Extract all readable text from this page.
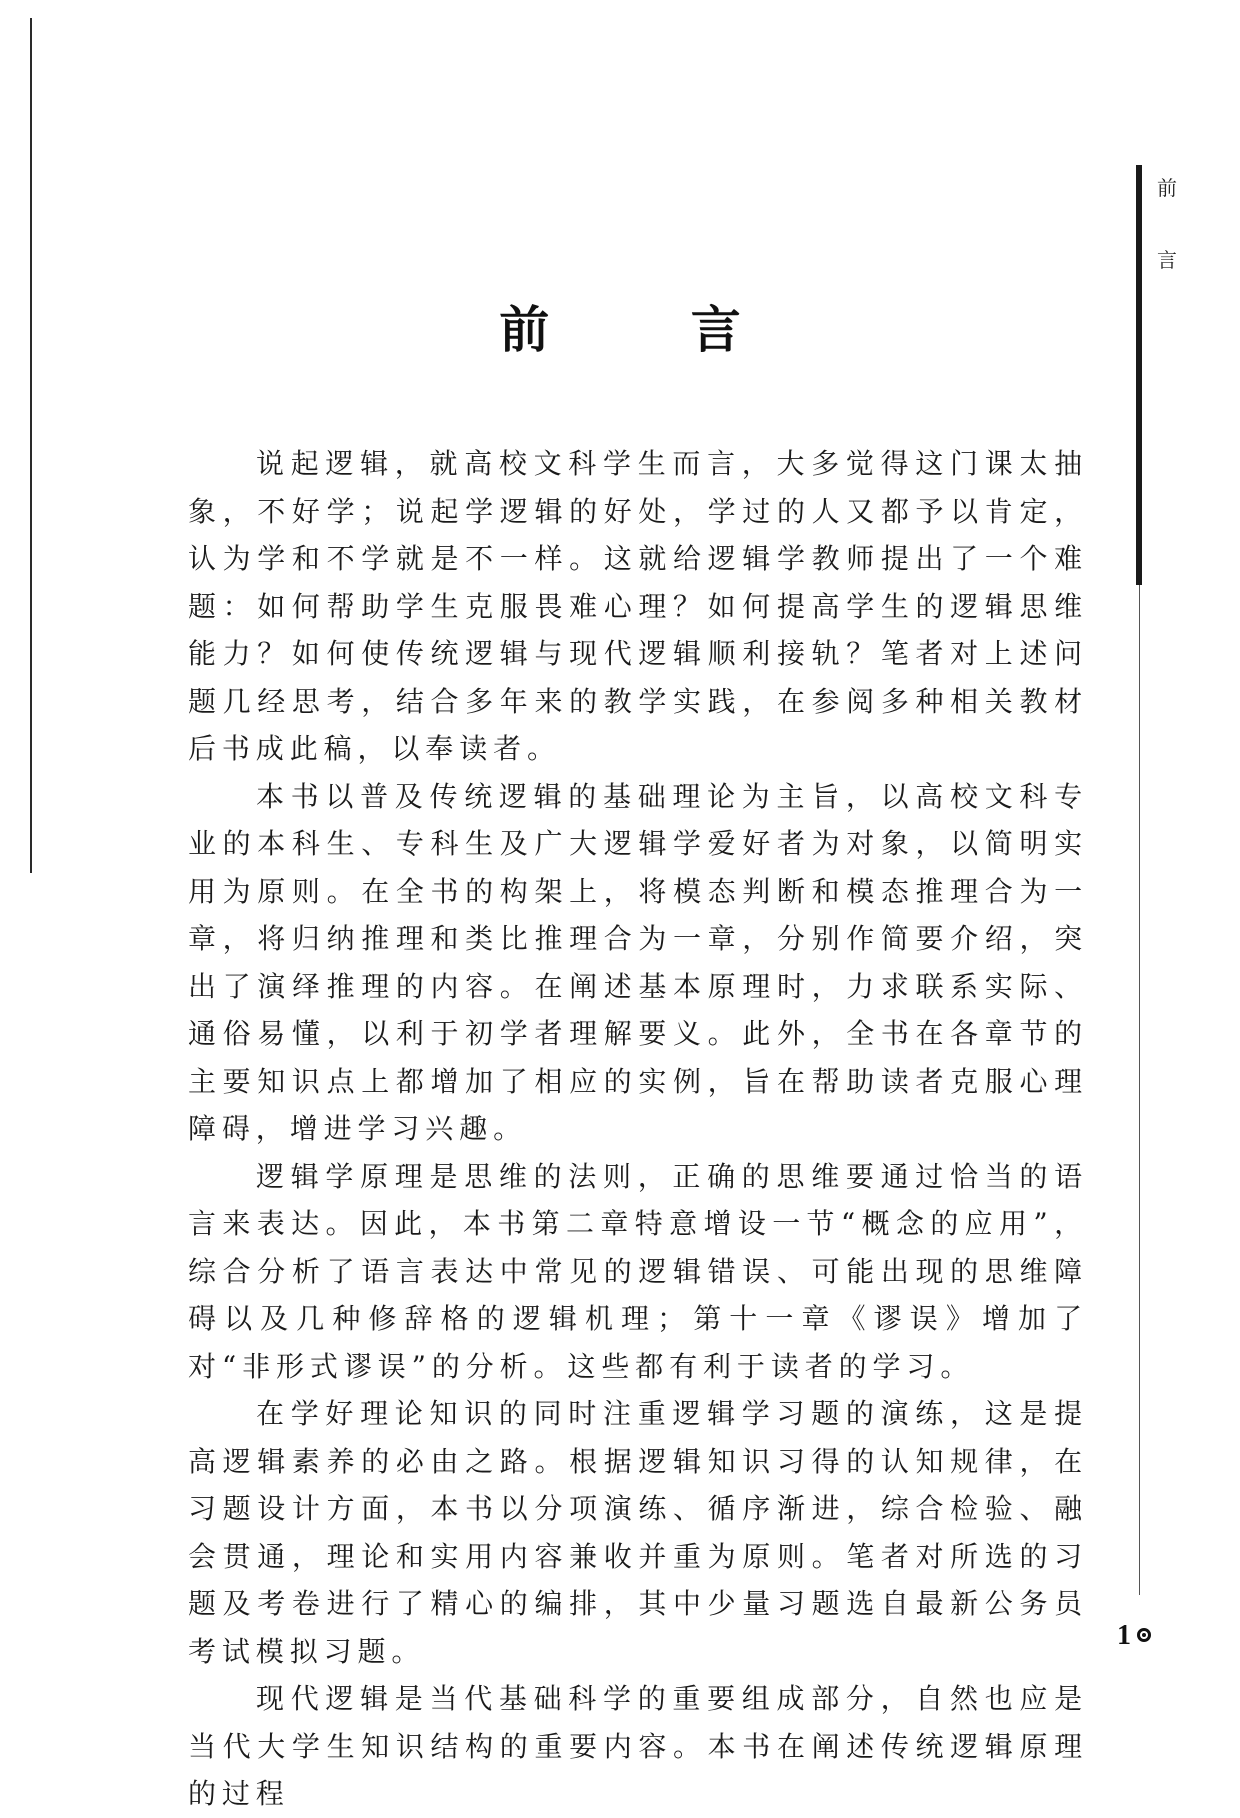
前
言
前 言

说起逻辑，就高校文科学生而言，大多觉得这门课太抽象，不好学；说起学逻辑的好处，学过的人又都予以肯定，认为学和不学就是不一样。这就给逻辑学教师提出了一个难题：如何帮助学生克服畏难心理？如何提高学生的逻辑思维能力？如何使传统逻辑与现代逻辑顺利接轨？笔者对上述问题几经思考，结合多年来的教学实践，在参阅多种相关教材后书成此稿，以奉读者。

本书以普及传统逻辑的基础理论为主旨，以高校文科专业的本科生、专科生及广大逻辑学爱好者为对象，以简明实用为原则。在全书的构架上，将模态判断和模态推理合为一章，将归纳推理和类比推理合为一章，分别作简要介绍，突出了演绎推理的内容。在阐述基本原理时，力求联系实际、通俗易懂，以利于初学者理解要义。此外，全书在各章节的主要知识点上都增加了相应的实例，旨在帮助读者克服心理障碍，增进学习兴趣。

逻辑学原理是思维的法则，正确的思维要通过恰当的语言来表达。因此，本书第二章特意增设一节“概念的应用”，综合分析了语言表达中常见的逻辑错误、可能出现的思维障碍以及几种修辞格的逻辑机理；第十一章《谬误》增加了对“非形式谬误”的分析。这些都有利于读者的学习。

在学好理论知识的同时注重逻辑学习题的演练，这是提高逻辑素养的必由之路。根据逻辑知识习得的认知规律，在习题设计方面，本书以分项演练、循序渐进，综合检验、融会贯通，理论和实用内容兼收并重为原则。笔者对所选的习题及考卷进行了精心的编排，其中少量习题选自最新公务员考试模拟习题。

现代逻辑是当代基础科学的重要组成部分，自然也应是当代大学生知识结构的重要内容。本书在阐述传统逻辑原理的过程

1
